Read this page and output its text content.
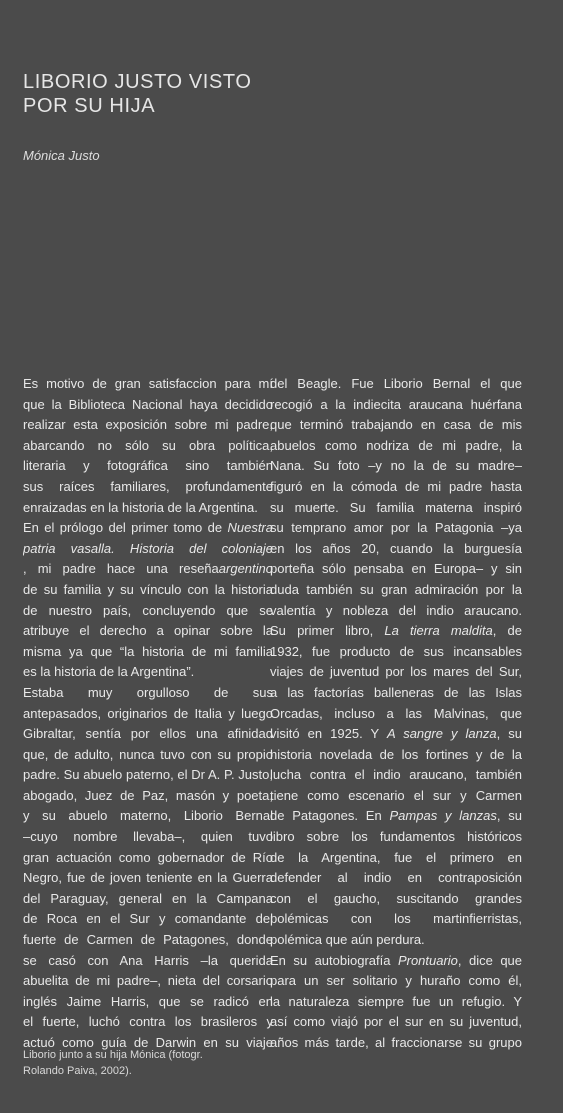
LIBORIO JUSTO VISTO
POR SU HIJA
Mónica Justo
Es motivo de gran satisfaccion para mí
que la Biblioteca Nacional haya decidido
realizar esta exposición sobre mi padre,
abarcando no sólo su obra política,
literaria y fotográfica sino también
sus raíces familiares, profundamente
enraizadas en la historia de la Argentina.
En el prólogo del primer tomo de Nuestra
patria vasalla. Historia del coloniaje
, mi padre hace una reseñaargentino
de su familia y su vínculo con la historia
de nuestro país, concluyendo que se
atribuye el derecho a opinar sobre la
misma ya que “la historia de mi familia
es la historia de la Argentina”.
Estaba muy orgulloso de sus
antepasados, originarios de Italia y luego
Gibraltar, sentía por ellos una afinidad
que, de adulto, nunca tuvo con su propio
padre. Su abuelo paterno, el Dr A. P. Justo,
abogado, Juez de Paz, masón y poeta,
y su abuelo materno, Liborio Bernal
–cuyo nombre llevaba–, quien tuvo
gran actuación como gobernador de Río
Negro, fue de joven teniente en la Guerra
del Paraguay, general en la Campana
de Roca en el Sur y comandante del
fuerte de Carmen de Patagones, donde
se casó con Ana Harris –la querida
abuelita de mi padre–, nieta del corsario
inglés Jaime Harris, que se radicó en
el fuerte, luchó contra los brasileros y
actuó como guía de Darwin en su viaje
del Beagle. Fue Liborio Bernal el que
recogió a la indiecita araucana huérfana
que terminó trabajando en casa de mis
abuelos como nodriza de mi padre, la
Nana. Su foto –y no la de su madre–
figuró en la cómoda de mi padre hasta
su muerte. Su familia materna inspiró
su temprano amor por la Patagonia –ya
en los años 20, cuando la burguesía
porteña sólo pensaba en Europa– y sin
duda también su gran admiración por la
valentía y nobleza del indio araucano.
Su primer libro, La tierra maldita, de
1932, fue producto de sus incansables
viajes de juventud por los mares del Sur,
a las factorías balleneras de las Islas
Orcadas, incluso a las Malvinas, que
visitó en 1925. Y A sangre y lanza, su
historia novelada de los fortines y de la
lucha contra el indio araucano, también
tiene como escenario el sur y Carmen
de Patagones. En Pampas y lanzas, su
libro sobre los fundamentos históricos
de la Argentina, fue el primero en
defender al indio en contraposición
con el gaucho, suscitando grandes
polémicas con los martinfierristas,
polémica que aún perdura.
En su autobiografía Prontuario, dice que
para un ser solitario y huraño como él,
la naturaleza siempre fue un refugio. Y
así como viajó por el sur en su juventud,
años más tarde, al fraccionarse su grupo
Liborio junto a su hija Mónica (fotogr.
Rolando Paiva, 2002).
